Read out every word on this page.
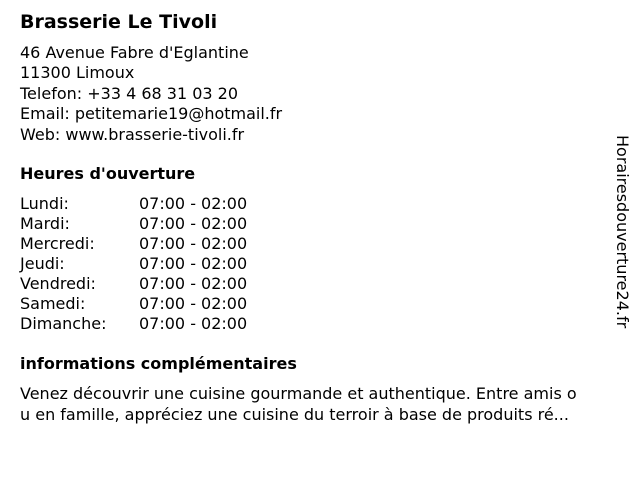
Brasserie Le Tivoli
46 Avenue Fabre d'Eglantine
11300 Limoux
Telefon: +33 4 68 31 03 20
Email: petitemarie19@hotmail.fr
Web: www.brasserie-tivoli.fr
Heures d'ouverture
Lundi:	07:00 - 02:00
Mardi:	07:00 - 02:00
Mercredi:	07:00 - 02:00
Jeudi:	07:00 - 02:00
Vendredi:	07:00 - 02:00
Samedi:	07:00 - 02:00
Dimanche: 07:00 - 02:00
informations complémentaires
Venez découvrir une cuisine gourmande et authentique. Entre amis o
u en famille, appréciez une cuisine du terroir à base de produits ré...
Horairesdouverture24.fr
